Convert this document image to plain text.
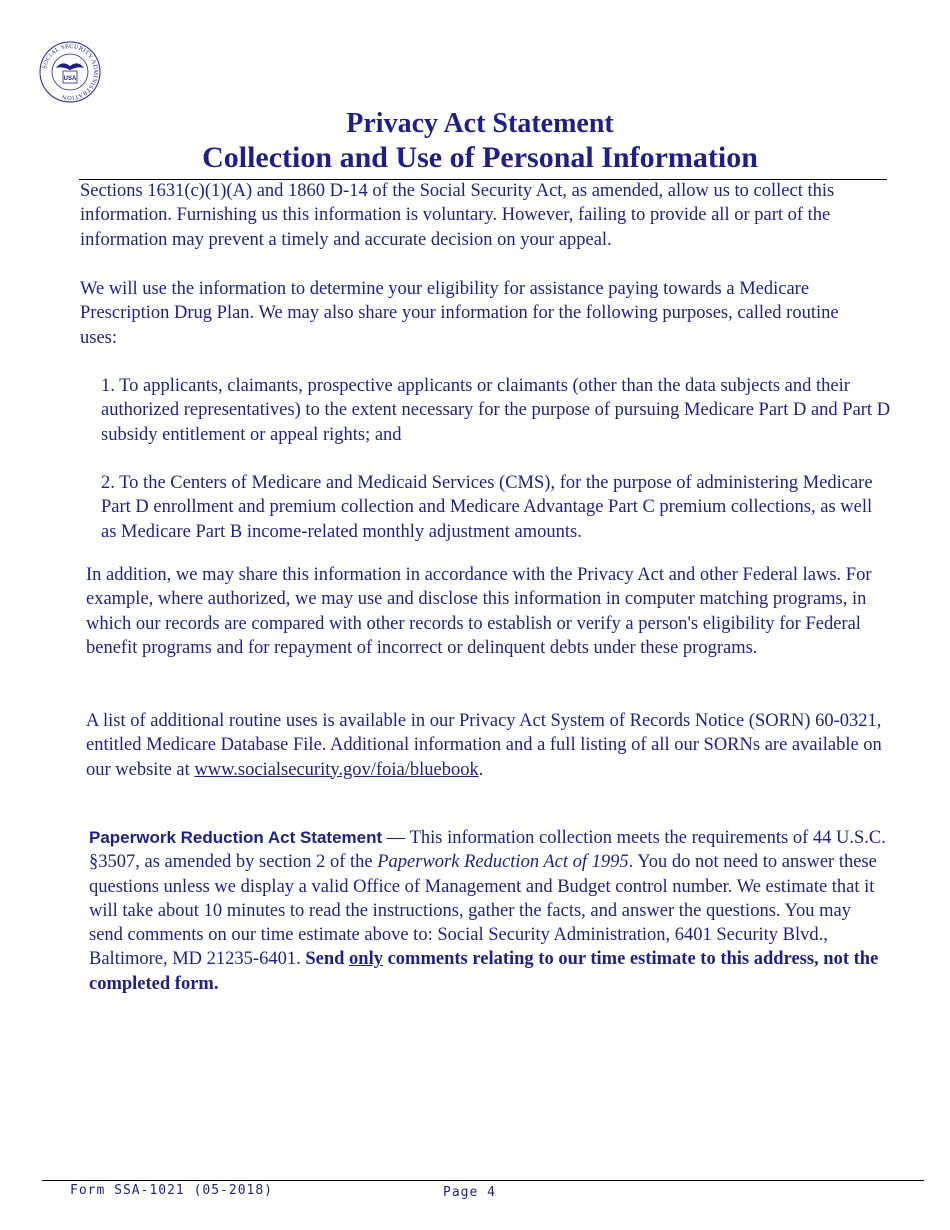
SOCIAL SECURITY ADMINISTRATION
USA
Privacy Act Statement
Collection and Use of Personal Information

Sections 1631(c)(1)(A) and 1860 D-14 of the Social Security Act, as amended, allow us to collect this information. Furnishing us this information is voluntary. However, failing to provide all or part of the information may prevent a timely and accurate decision on your appeal.

We will use the information to determine your eligibility for assistance paying towards a Medicare Prescription Drug Plan. We may also share your information for the following purposes, called routine uses:

1. To applicants, claimants, prospective applicants or claimants (other than the data subjects and their authorized representatives) to the extent necessary for the purpose of pursuing Medicare Part D and Part D subsidy entitlement or appeal rights; and

2. To the Centers of Medicare and Medicaid Services (CMS), for the purpose of administering Medicare Part D enrollment and premium collection and Medicare Advantage Part C premium collections, as well as Medicare Part B income-related monthly adjustment amounts.

In addition, we may share this information in accordance with the Privacy Act and other Federal laws. For example, where authorized, we may use and disclose this information in computer matching programs, in which our records are compared with other records to establish or verify a person's eligibility for Federal benefit programs and for repayment of incorrect or delinquent debts under these programs.

A list of additional routine uses is available in our Privacy Act System of Records Notice (SORN) 60-0321, entitled Medicare Database File. Additional information and a full listing of all our SORNs are available on our website at www.socialsecurity.gov/foia/bluebook.

Paperwork Reduction Act Statement — This information collection meets the requirements of 44 U.S.C. §3507, as amended by section 2 of the Paperwork Reduction Act of 1995. You do not need to answer these questions unless we display a valid Office of Management and Budget control number. We estimate that it will take about 10 minutes to read the instructions, gather the facts, and answer the questions. You may send comments on our time estimate above to: Social Security Administration, 6401 Security Blvd., Baltimore, MD 21235-6401. Send only comments relating to our time estimate to this address, not the completed form.

Form SSA-1021 (05-2018)	Page 4
